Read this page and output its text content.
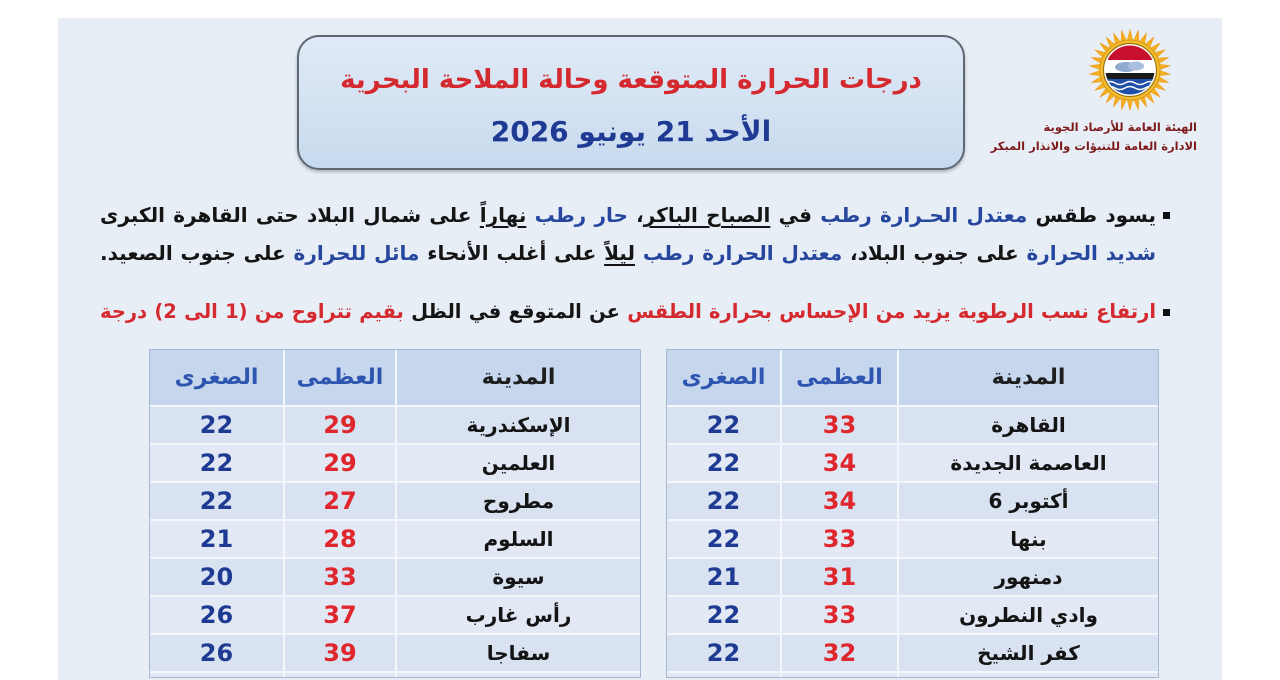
درجات الحرارة المتوقعة وحالة الملاحة البحرية
الأحد 21 يونيو 2026	الهيئة العامة للأرصاد الجوية
الادارة العامة للتنبؤات والانذار المبكر
يسود طقس معتدل الحـرارة رطب في الصباح الباكر، حار رطب نهاراً على شمال البلاد حتى القاهرة الكبرى
شديد الحرارة على جنوب البلاد، معتدل الحرارة رطب ليلاً على أغلب الأنحاء مائل للحرارة على جنوب الصعيد.
ارتفاع نسب الرطوبة يزيد من الإحساس بحرارة الطقس عن المتوقع في الظل بقيم تتراوح من (1 الى 2) درجة
المدينة	العظمى	الصغرى
القاهرة	33	22
العاصمة الجديدة	34	22
6 أكتوبر	34	22
بنها	33	22
دمنهور	31	21
وادي النطرون	33	22
كفر الشيخ	32	22

المدينة	العظمى	الصغرى
الإسكندرية	29	22
العلمين	29	22
مطروح	27	22
السلوم	28	21
سيوة	33	20
رأس غارب	37	26
سفاجا	39	26
